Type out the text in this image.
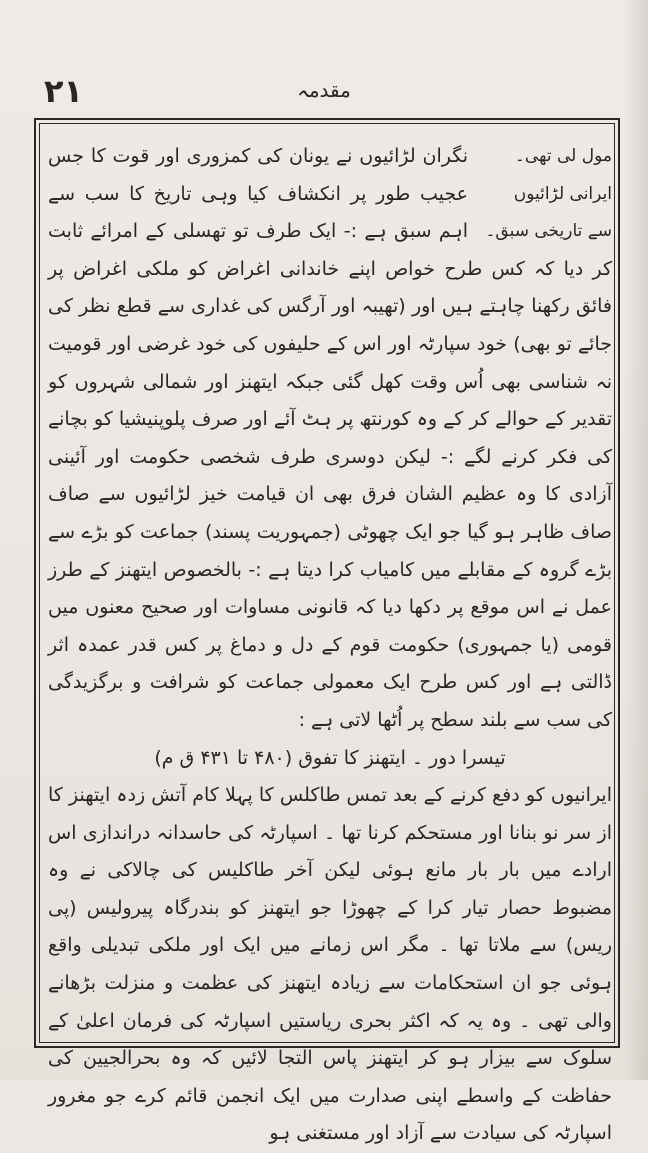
۲۱	مقدمہ
مول لی تھی۔
ایرانی لڑائیوں
سے تاریخی سبق۔

نگران لڑائیوں نے یونان کی کمزوری اور قوت کا جس عجیب طور پر انکشاف کیا وہی تاریخ کا سب سے اہم سبق ہے :- ایک طرف تو تھسلی کے امرائے ثابت کر دیا کہ کس طرح خواص اپنے خاندانی اغراض کو ملکی اغراض پر فائق رکھنا چاہتے ہیں اور (تھیبہ اور آرگس کی غداری سے قطع نظر کی جائے تو بھی) خود سپارٹہ اور اس کے حلیفوں کی خود غرضی اور قومیت نہ شناسی بھی اُس وقت کھل گئی جبکہ ایتھنز اور شمالی شہروں کو تقدیر کے حوالے کر کے وہ کورنتھ پر ہٹ آئے اور صرف پلوپنیشیا کو بچانے کی فکر کرنے لگے :- لیکن دوسری طرف شخصی حکومت اور آئینی آزادی کا وہ عظیم الشان فرق بھی ان قیامت خیز لڑائیوں سے صاف صاف ظاہر ہو گیا جو ایک چھوٹی (جمہوریت پسند) جماعت کو بڑے سے بڑے گروہ کے مقابلے میں کامیاب کرا دیتا ہے :- بالخصوص ایتھنز کے طرز عمل نے اس موقع پر دکھا دیا کہ قانونی مساوات اور صحیح معنوں میں قومی (یا جمہوری) حکومت قوم کے دل و دماغ پر کس قدر عمدہ اثر ڈالتی ہے اور کس طرح ایک معمولی جماعت کو شرافت و برگزیدگی کی سب سے بلند سطح پر اُٹھا لاتی ہے :

تیسرا دور ۔ ایتھنز کا تفوق (۴۸۰ تا ۴۳۱ ق م)

ایرانیوں کو دفع کرنے کے بعد تمس طاکلس کا پہلا کام آتش زدہ ایتھنز کا از سر نو بنانا اور مستحکم کرنا تھا ۔ اسپارٹہ کی حاسدانہ دراندازی اس ارادے میں بار بار مانع ہوئی لیکن آخر طاکلیس کی چالاکی نے وہ مضبوط حصار تیار کرا کے چھوڑا جو ایتھنز کو بندرگاہ پیرولیس (پی ریس) سے ملاتا تھا ۔ مگر اس زمانے میں ایک اور ملکی تبدیلی واقع ہوئی جو ان استحکامات سے زیادہ ایتھنز کی عظمت و منزلت بڑھانے والی تھی ۔ وہ یہ کہ اکثر بحری ریاستیں اسپارٹہ کی فرمان اعلیٰ کے سلوک سے بیزار ہو کر ایتھنز پاس التجا لائیں کہ وہ بحرالجیین کی حفاظت کے واسطے اپنی صدارت میں ایک انجمن قائم کرے جو مغرور اسپارٹہ کی سیادت سے آزاد اور مستغنی ہو
